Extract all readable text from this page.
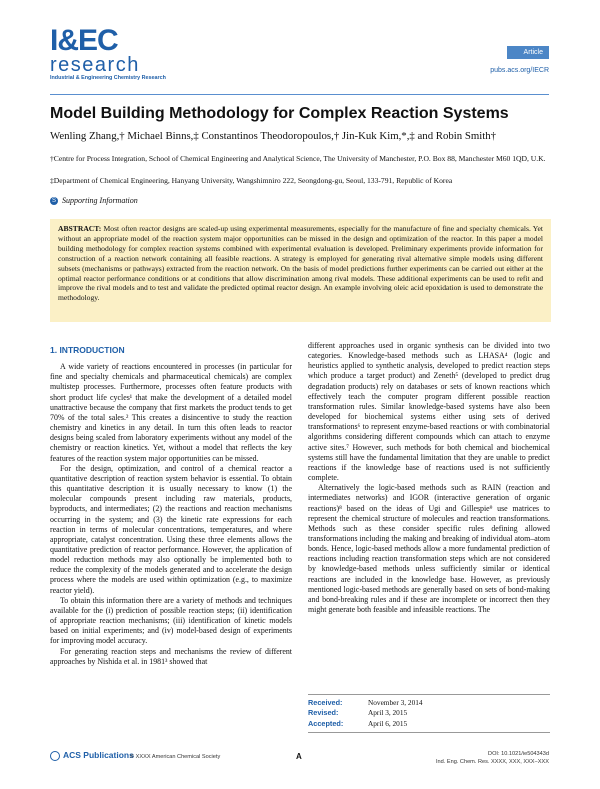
I&EC
research
Industrial & Engineering Chemistry Research
Article
pubs.acs.org/IECR
Model Building Methodology for Complex Reaction Systems
Wenling Zhang,† Michael Binns,‡ Constantinos Theodoropoulos,† Jin-Kuk Kim,*,‡ and Robin Smith†
†Centre for Process Integration, School of Chemical Engineering and Analytical Science, The University of Manchester, P.O. Box 88, Manchester M60 1QD, U.K.
‡Department of Chemical Engineering, Hanyang University, Wangshimniro 222, Seongdong-gu, Seoul, 133-791, Republic of Korea
S Supporting Information
ABSTRACT: Most often reactor designs are scaled-up using experimental measurements, especially for the manufacture of fine and specialty chemicals. Yet without an appropriate model of the reaction system major opportunities can be missed in the design and optimization of the reactor. In this paper a model building methodology for complex reaction systems combined with experimental evaluation is developed. Preliminary experiments provide information for construction of a reaction network containing all feasible reactions. A strategy is employed for generating rival alternative simple models using different subsets (mechanisms or pathways) extracted from the reaction network. On the basis of model predictions further experiments can be carried out either at the optimal reactor performance conditions or at conditions that allow discrimination among rival models. These additional experiments can be used to refit and improve the rival models and to test and validate the predicted optimal reactor design. An example involving oleic acid epoxidation is used to demonstrate the methodology.
1. INTRODUCTION

A wide variety of reactions encountered in processes (in particular for fine and specialty chemicals and pharmaceutical chemicals) are complex multistep processes. Furthermore, processes often feature products with short product life cycles¹ that make the development of a detailed model unattractive because the company that first markets the product tends to get 70% of the total sales.² This creates a disincentive to study the reaction chemistry and kinetics in any detail. In turn this often leads to reactor designs being scaled from laboratory experiments without any model of the chemistry or reaction kinetics. Yet, without a model that reflects the key features of the reaction system major opportunities can be missed.

For the design, optimization, and control of a chemical reactor a quantitative description of reaction system behavior is essential. To obtain this quantitative description it is usually necessary to know (1) the molecular compounds present including raw materials, products, byproducts, and intermediates; (2) the reactions and reaction mechanisms occurring in the system; and (3) the kinetic rate expressions for each reaction in terms of molecular concentrations, temperatures, and where appropriate, catalyst concentration. Using these three elements allows the quantitative prediction of reactor performance. However, the application of model reduction methods may also optionally be implemented both to reduce the complexity of the models generated and to accelerate the design process where the models are used within optimization (e.g., to maximize reactor yield).

To obtain this information there are a variety of methods and techniques available for the (i) prediction of possible reaction steps; (ii) identification of appropriate reaction mechanisms; (iii) identification of kinetic models based on initial experiments; and (iv) model-based design of experiments for improving model accuracy.

For generating reaction steps and mechanisms the review of different approaches by Nishida et al. in 1981³ showed that

different approaches used in organic synthesis can be divided into two categories. Knowledge-based methods such as LHASA⁴ (logic and heuristics applied to synthetic analysis, developed to predict reaction steps which produce a target product) and Zeneth⁵ (developed to predict drug degradation products) rely on databases or sets of known reactions which effectively teach the computer program different possible reaction transformation rules. Similar knowledge-based systems have also been developed for biochemical systems either using sets of derived transformations⁶ to represent enzyme-based reactions or with combinatorial algorithms considering different compounds which can attach to enzyme active sites.⁷ However, such methods for both chemical and biochemical systems still have the fundamental limitation that they are unable to predict reactions if the knowledge base of reactions used is not sufficiently complete.

Alternatively the logic-based methods such as RAIN (reaction and intermediates networks) and IGOR (interactive generation of organic reactions)⁸ based on the ideas of Ugi and Gillespie⁹ use matrices to represent the chemical structure of molecules and reaction transformations. Methods such as these consider specific rules defining allowed transformations including the making and breaking of individual atom–atom bonds. Hence, logic-based methods allow a more fundamental prediction of reactions including reaction transformation steps which are not considered by knowledge-based methods unless sufficiently similar or identical reactions are included in the knowledge base. However, as previously mentioned logic-based methods are generally based on sets of bond-making and bond-breaking rules and if these are incomplete or incorrect then they might generate both feasible and infeasible reactions. The

Received:	November 3, 2014
Revised:	April 3, 2015
Accepted:	April 6, 2015
ACS Publications
© XXXX American Chemical Society	A	DOI: 10.1021/ie504343d
Ind. Eng. Chem. Res. XXXX, XXX, XXX−XXX
